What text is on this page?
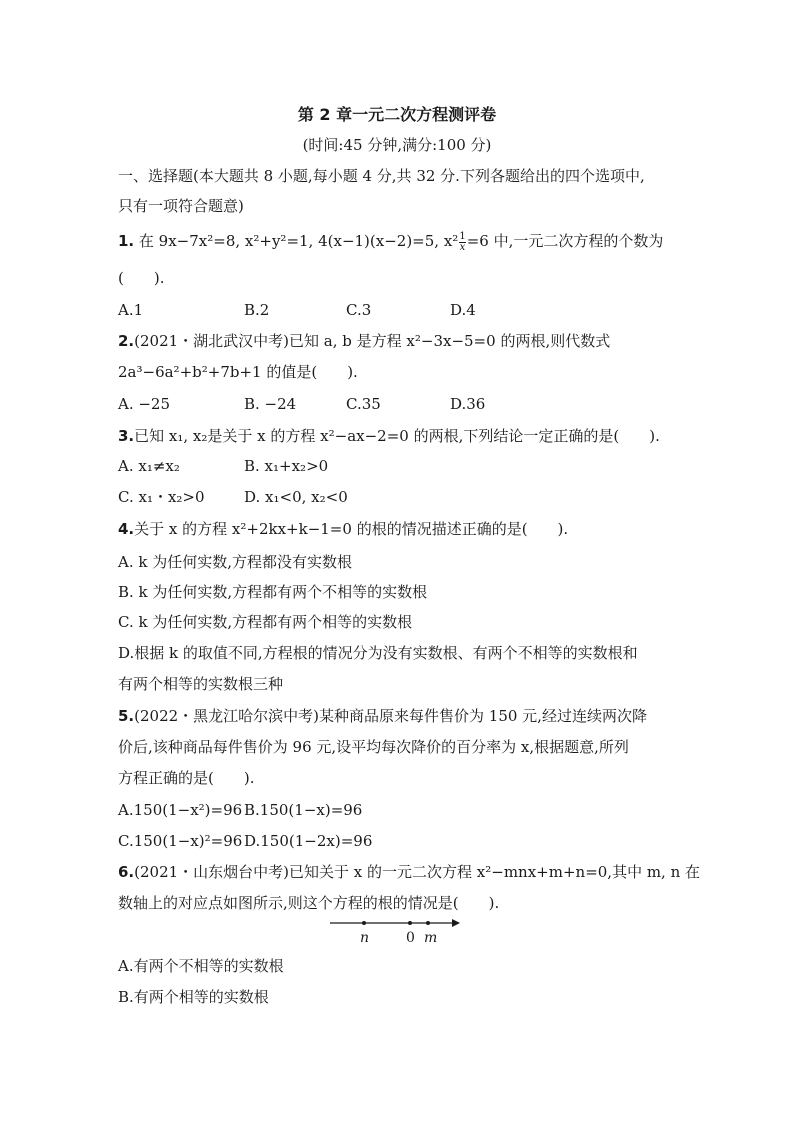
第 2 章一元二次方程测评卷
(时间:45 分钟,满分:100 分)
一、选择题(本大题共 8 小题,每小题 4 分,共 32 分.下列各题给出的四个选项中,
只有一项符合题意)
1. 在 9x−7x²=8, x²+y²=1, 4(x−1)(x−2)=5, $x^2 \frac{1}{x} =6$ 中,一元二次方程的个数为
(　　).
A.1	B.2	C.3	D.4
2.(2021・湖北武汉中考)已知 a, b 是方程 x²−3x−5=0 的两根,则代数式
2a³−6a²+b²+7b+1 的值是(　　).
A. −25	B. −24	C.35	D.36
3.已知 x₁, x₂是关于 x 的方程 x²−ax−2=0 的两根,下列结论一定正确的是(　　).
A. x₁≠x₂	B. x₁+x₂>0
C. x₁・x₂>0	D. x₁<0, x₂<0
4.关于 x 的方程 x²+2kx+k−1=0 的根的情况描述正确的是(　　).
A. k 为任何实数,方程都没有实数根
B. k 为任何实数,方程都有两个不相等的实数根
C. k 为任何实数,方程都有两个相等的实数根
D.根据 k 的取值不同,方程根的情况分为没有实数根、有两个不相等的实数根和
有两个相等的实数根三种
5.(2022・黑龙江哈尔滨中考)某种商品原来每件售价为 150 元,经过连续两次降
价后,该种商品每件售价为 96 元,设平均每次降价的百分率为 x,根据题意,所列
方程正确的是(　　).
A.150(1−x²)=96 B.150(1−x)=96
C.150(1−x)²=96 D.150(1−2x)=96
6.(2021・山东烟台中考)已知关于 x 的一元二次方程 x²−mnx+m+n=0,其中 m, n 在
数轴上的对应点如图所示,则这个方程的根的情况是(　　).
n	0 m
A.有两个不相等的实数根
B.有两个相等的实数根
